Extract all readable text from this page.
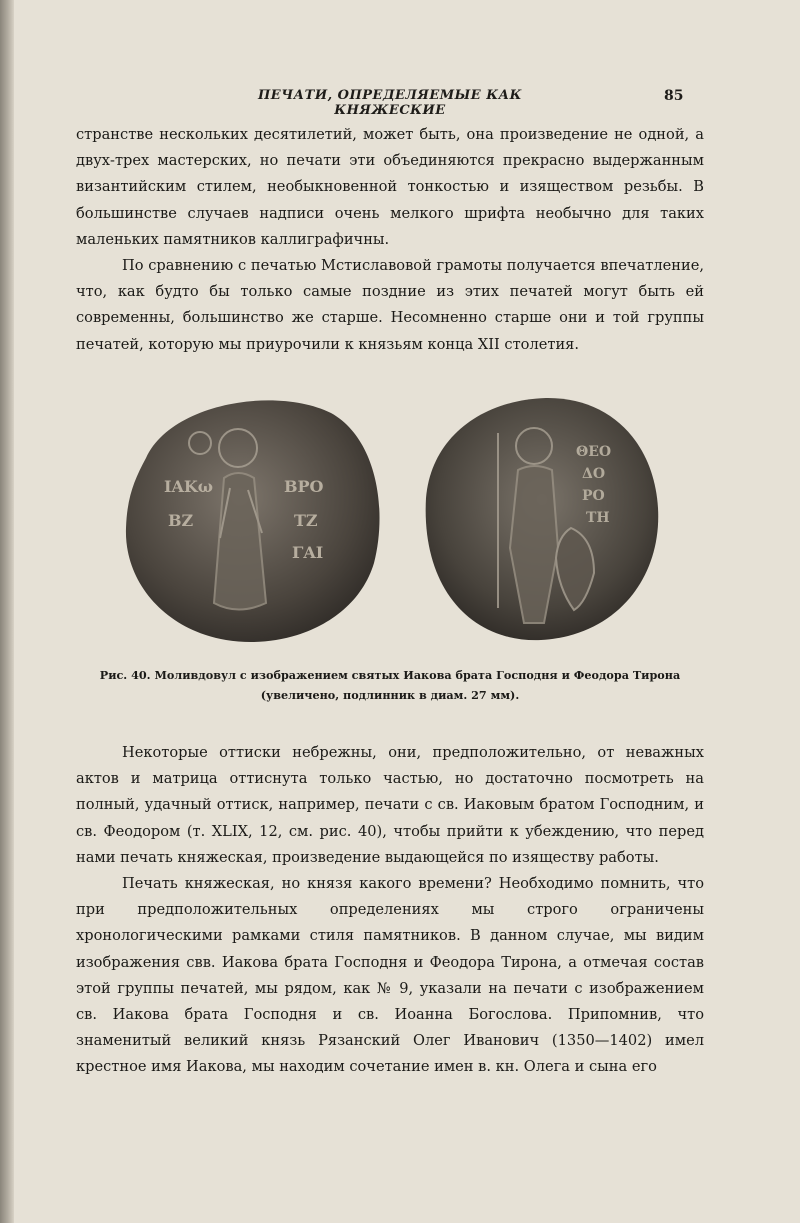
ПЕЧАТИ, ОПРЕДЕЛЯЕМЫЕ КАК КНЯЖЕСКИЕ
85

странстве нескольких десятилетий, может быть, она произведение не одной, а двух-трех мастерских, но печати эти объединяются прекрасно выдержанным византийским стилем, необыкновенной тонкостью и изяществом резьбы. В большинстве случаев надписи очень мелкого шрифта необычно для таких маленьких памятников каллиграфичны.

По сравнению с печатью Мстиславовой грамоты получается впечатление, что, как будто бы только самые поздние из этих печатей могут быть ей современны, большинство же старше. Несомненно старше они и той группы печатей, которую мы приурочили к князьям конца XII столетия.

ΙΑΚω	ΒΡΟ
ΒΖ	ΤΖ
ΓΑΙ
ΘΕΟ
ΔΟ
ΡΟ
ΤΗ
Рис. 40. Моливдовул с изображением святых Иакова брата Господня и Феодора Тирона (увеличено, подлинник в диам. 27 мм).

Некоторые оттиски небрежны, они, предположительно, от неважных актов и матрица оттиснута только частью, но достаточно посмотреть на полный, удачный оттиск, например, печати с св. Иаковым братом Господним, и св. Феодором (т. XLIX, 12, см. рис. 40), чтобы прийти к убеждению, что перед нами печать княжеская, произведение выдающейся по изяществу работы.

Печать княжеская, но князя какого времени? Необходимо помнить, что при предположительных определениях мы строго ограничены хронологическими рамками стиля памятников. В данном случае, мы видим изображения свв. Иакова брата Господня и Феодора Тирона, а отмечая состав этой группы печатей, мы рядом, как № 9, указали на печати с изображением св. Иакова брата Господня и св. Иоанна Богослова. Припомнив, что знаменитый великий князь Рязанский Олег Иванович (1350—1402) имел крестное имя Иакова, мы находим сочетание имен в. кн. Олега и сына его
